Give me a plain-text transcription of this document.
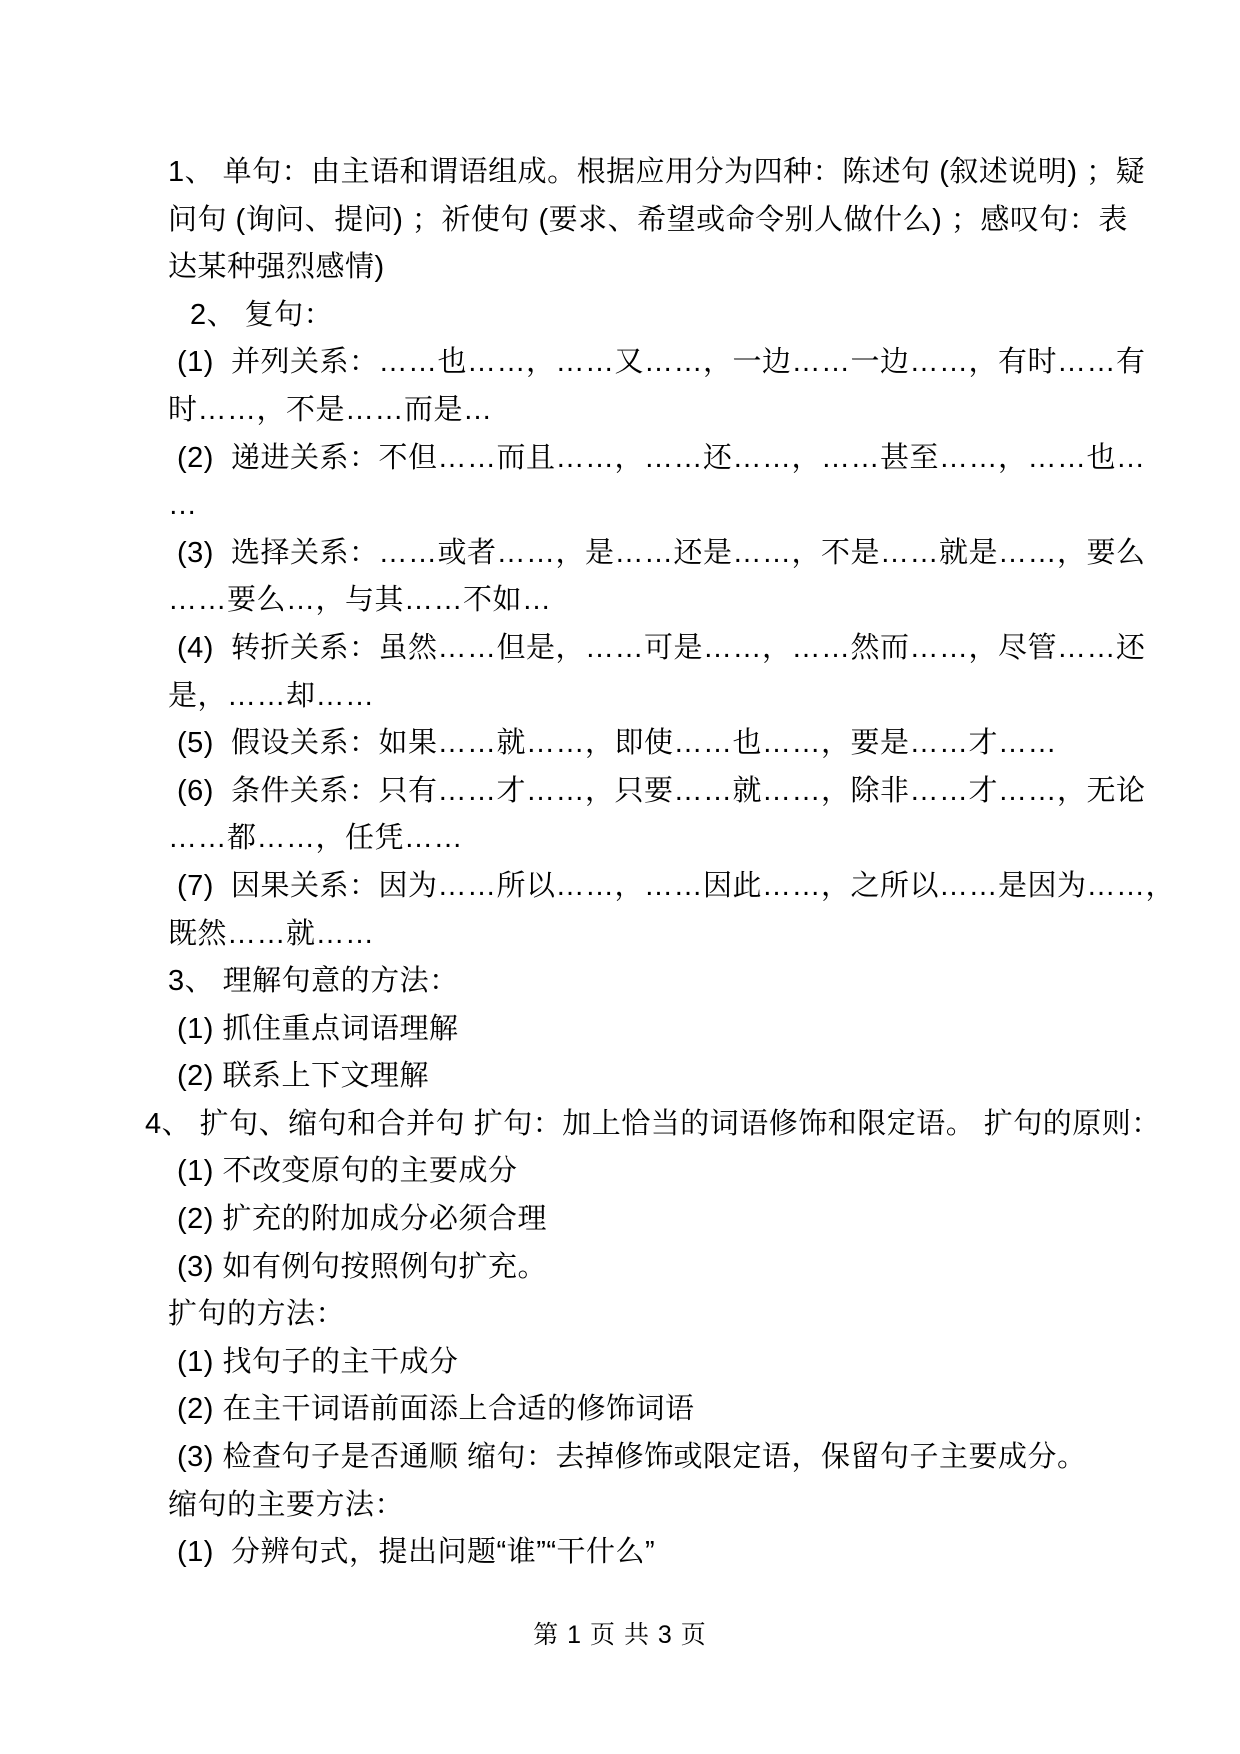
1、 单句：由主语和谓语组成。根据应用分为四种：陈述句 (叙述说明) ；疑
问句 (询问、提问) ；祈使句 (要求、希望或命令别人做什么) ；感叹句：表
达某种强烈感情)
2、 复句：
(1)  并列关系：……也……，……又……，一边……一边……，有时……有
时……，不是……而是…
(2)  递进关系：不但……而且……，……还……，……甚至……，……也…
…
(3)  选择关系：……或者……，是……还是……，不是……就是……，要么
……要么…，与其……不如…
(4)  转折关系：虽然……但是，……可是……，……然而……，尽管……还
是，……却……
(5)  假设关系：如果……就……，即使……也……，要是……才……
(6)  条件关系：只有……才……，只要……就……，除非……才……，无论
……都……，任凭……
(7)  因果关系：因为……所以……，……因此……，之所以……是因为……，
既然……就……
3、 理解句意的方法：
(1) 抓住重点词语理解
(2) 联系上下文理解
4、 扩句、缩句和合并句 扩句：加上恰当的词语修饰和限定语。 扩句的原则：
(1) 不改变原句的主要成分
(2) 扩充的附加成分必须合理
(3) 如有例句按照例句扩充。
扩句的方法：
(1) 找句子的主干成分
(2) 在主干词语前面添上合适的修饰词语
(3) 检查句子是否通顺 缩句：去掉修饰或限定语，保留句子主要成分。
缩句的主要方法：
(1)  分辨句式，提出问题“谁”“干什么”
第 1 页 共 3 页
